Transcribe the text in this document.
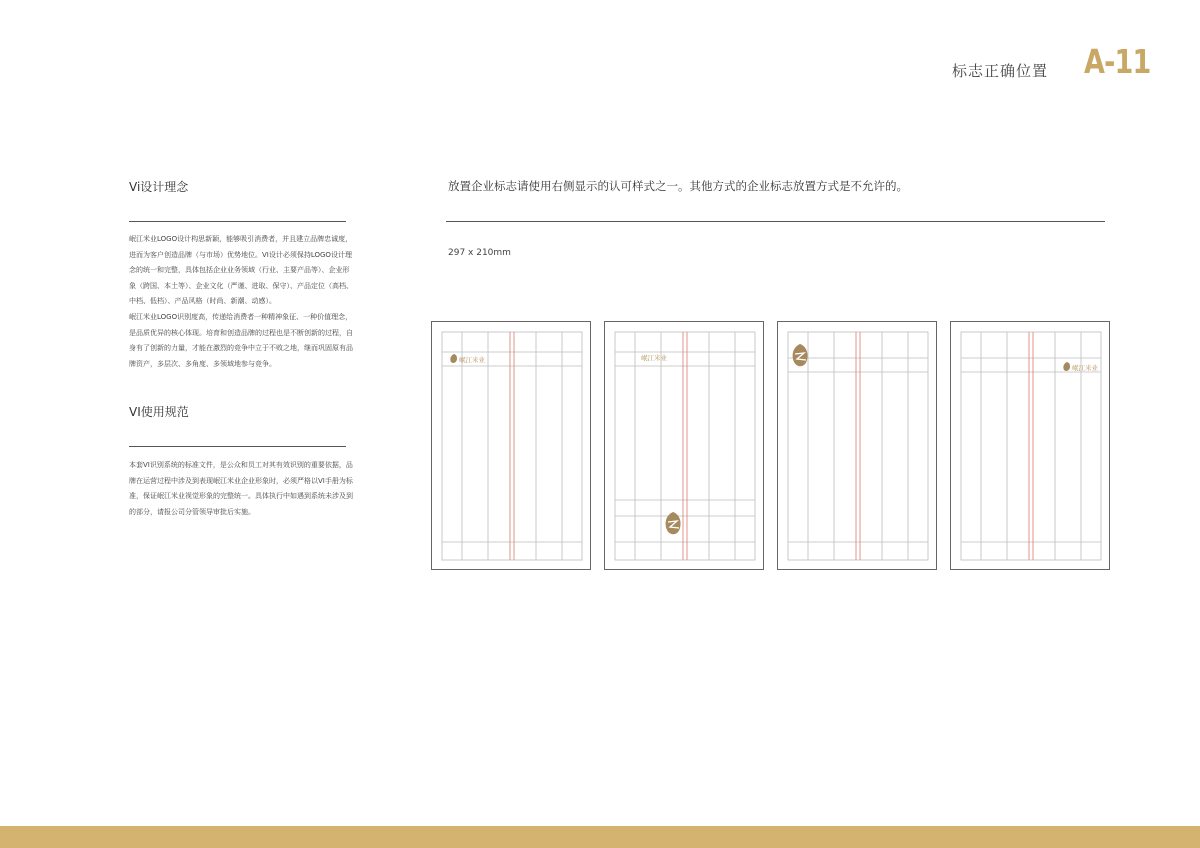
标志正确位置 A-11
Vi设计理念

岷江米业LOGO设计构思新颖，能够吸引消费者，并且建立品牌忠诚度，进而为客户创造品牌（与市场）优势地位。VI设计必须保持LOGO设计理念的统一和完整，具体包括企业业务领域（行业、主要产品等）、企业形象（跨国、本土等）、企业文化（严谨、进取、保守）、产品定位（高档、中档、低档）、产品风格（时尚、新潮、动感）。

岷江米业LOGO识别度高，传递给消费者一种精神象征、一种价值理念，是品质优异的核心体现。培育和创造品牌的过程也是不断创新的过程，自身有了创新的力量，才能在激烈的竞争中立于不败之地，继而巩固原有品牌资产，多层次、多角度、多领域地参与竞争。

VI使用规范

本套VI识别系统的标准文件，是公众和员工对其有效识别的重要依据，品牌在运营过程中涉及到表现岷江米业企业形象时，必须严格以VI手册为标准，保证岷江米业视觉形象的完整统一。具体执行中如遇到系统未涉及到的部分，请报公司分管领导审批后实施。

放置企业标志请使用右侧显示的认可样式之一。其他方式的企业标志放置方式是不允许的。
297 x 210mm
岷江米业	岷江米业
岷江米业
